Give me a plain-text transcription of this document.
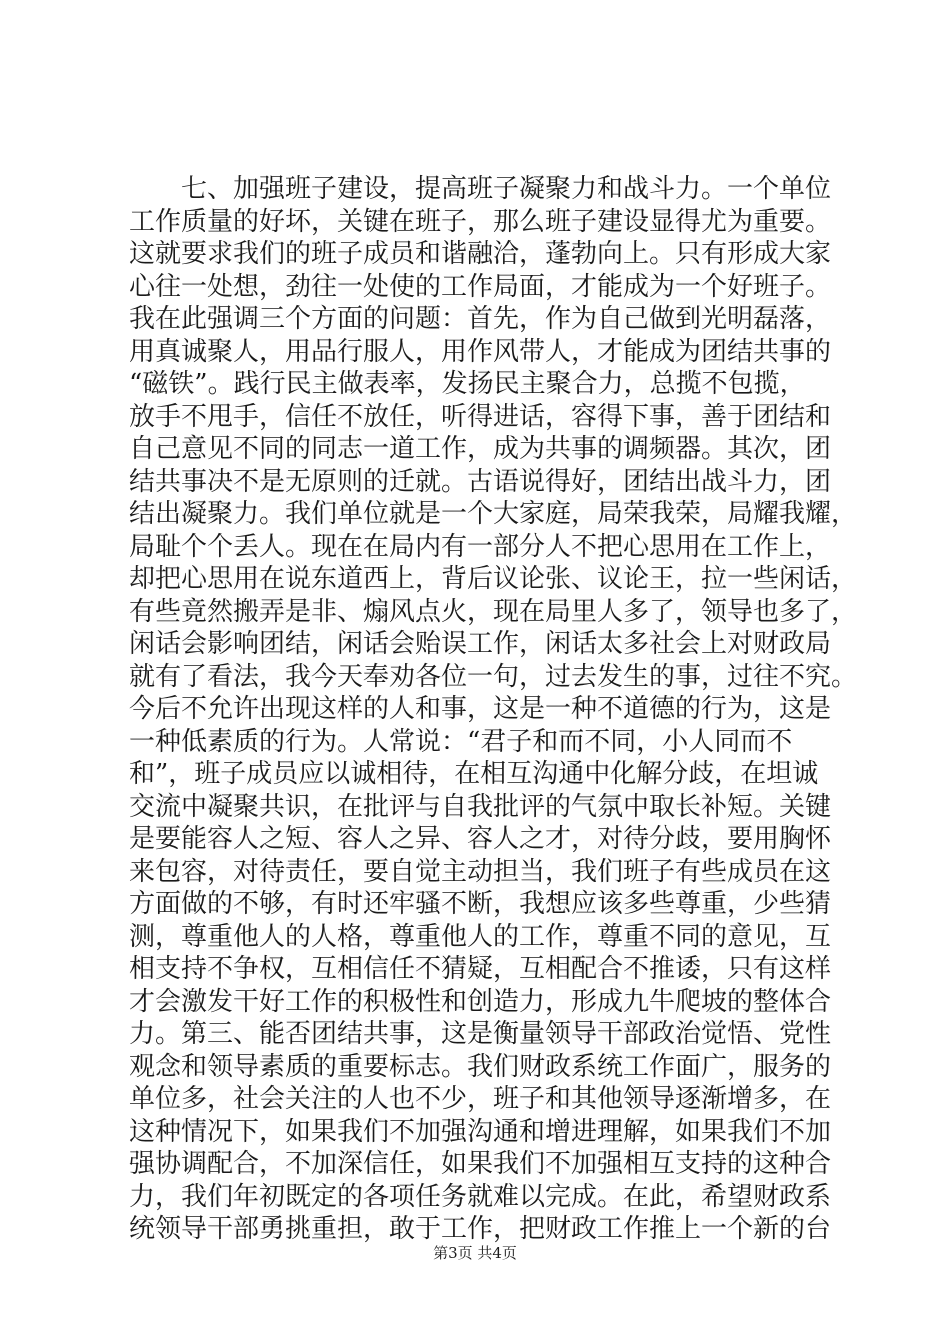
七、加强班子建设，提高班子凝聚力和战斗力。一个单位
工作质量的好坏，关键在班子，那么班子建设显得尤为重要。
这就要求我们的班子成员和谐融洽，蓬勃向上。只有形成大家
心往一处想，劲往一处使的工作局面，才能成为一个好班子。
我在此强调三个方面的问题：首先，作为自己做到光明磊落，
用真诚聚人，用品行服人，用作风带人，才能成为团结共事的
“磁铁”。践行民主做表率，发扬民主聚合力，总揽不包揽，
放手不甩手，信任不放任，听得进话，容得下事，善于团结和
自己意见不同的同志一道工作，成为共事的调频器。其次，团
结共事决不是无原则的迁就。古语说得好，团结出战斗力，团
结出凝聚力。我们单位就是一个大家庭，局荣我荣，局耀我耀，
局耻个个丢人。现在在局内有一部分人不把心思用在工作上，
却把心思用在说东道西上，背后议论张、议论王，拉一些闲话，
有些竟然搬弄是非、煽风点火，现在局里人多了，领导也多了，
闲话会影响团结，闲话会贻误工作，闲话太多社会上对财政局
就有了看法，我今天奉劝各位一句，过去发生的事，过往不究。
今后不允许出现这样的人和事，这是一种不道德的行为，这是
一种低素质的行为。人常说：“君子和而不同，小人同而不
和”，班子成员应以诚相待，在相互沟通中化解分歧，在坦诚
交流中凝聚共识，在批评与自我批评的气氛中取长补短。关键
是要能容人之短、容人之异、容人之才，对待分歧，要用胸怀
来包容，对待责任，要自觉主动担当，我们班子有些成员在这
方面做的不够，有时还牢骚不断，我想应该多些尊重，少些猜
测，尊重他人的人格，尊重他人的工作，尊重不同的意见，互
相支持不争权，互相信任不猜疑，互相配合不推诿，只有这样
才会激发干好工作的积极性和创造力，形成九牛爬坡的整体合
力。第三、能否团结共事，这是衡量领导干部政治觉悟、党性
观念和领导素质的重要标志。我们财政系统工作面广，服务的
单位多，社会关注的人也不少，班子和其他领导逐渐增多，在
这种情况下，如果我们不加强沟通和增进理解，如果我们不加
强协调配合，不加深信任，如果我们不加强相互支持的这种合
力，我们年初既定的各项任务就难以完成。在此，希望财政系
统领导干部勇挑重担，敢于工作，把财政工作推上一个新的台
第3页 共4页
